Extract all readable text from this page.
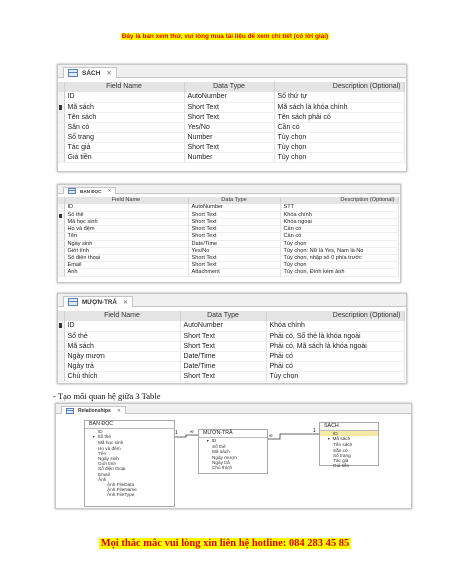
Đây là bản xem thử, vui lòng mua tài liệu để xem chi tiết (có lời giải)
SÁCH ✕
	Field Name	Data Type	Description (Optional)
	ID	AutoNumber	Số thứ tự
	Mã sách	Short Text	Mã sách là khóa chính
	Tên sách	Short Text	Tên sách phải có
	Sẵn có	Yes/No	Cần có
	Số trang	Number	Tùy chọn
	Tác giả	Short Text	Tùy chọn
	Giá tiền	Number	Tùy chọn
BẠN ĐỌC ✕
	Field Name	Data Type	Description (Optional)
	ID	AutoNumber	STT
	Số thẻ	Short Text	Khóa chính
	Mã học sinh	Short Text	Khóa ngoại
	Họ và đệm	Short Text	Cần có
	Tên	Short Text	Cần có
	Ngày sinh	Date/Time	Tùy chọn
	Giới tính	Yes/No	Tùy chọn: Nữ là Yes, Nam là No
	Số điện thoại	Short Text	Tùy chọn, nhập số 0 phía trước
	Email	Short Text	Tùy chọn
	Ảnh	Attachment	Tùy chọn, Đính kèm ảnh
MƯỢN-TRẢ ✕
	Field Name	Data Type	Description (Optional)
	ID	AutoNumber	Khóa chính
	Số thẻ	Short Text	Phải có, Số thẻ là khóa ngoài
	Mã sách	Short Text	Phải có, Mã sách là khóa ngoài
	Ngày mượn	Date/Time	Phải có
	Ngày trả	Date/Time	Phải có
	Chú thích	Short Text	Tùy chọn
- Tạo mối quan hệ giữa 3 Table
Relationships ✕
1 ∞
∞
1
BẠN ĐỌC
ID
▼ Số thẻ
Mã học sinh
Họ và đệm
Tên
Ngày sinh
Giới tính
Số điện thoại
Email
Ảnh
Ảnh.FileData
Ảnh.FileName
Ảnh.FileType
MƯỢN-TRẢ
▼ ID
Số thẻ
Mã sách
Ngày mượn
Ngày trả
Chú thích
SÁCH
ID
▼ Mã sách
Tên sách
Sẵn có
Số trang
Tác giả
Giá tiền
Mọi thắc mắc vui lòng xin liên hệ hotline: 084 283 45 85
